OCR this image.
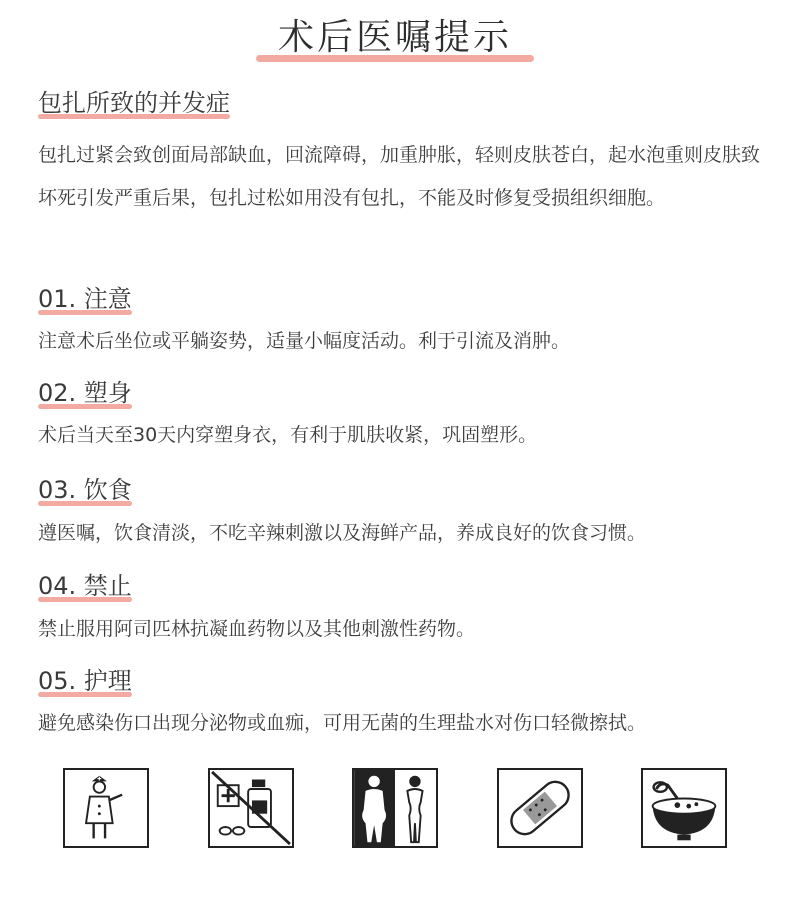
术后医嘱提示
包扎所致的并发症
包扎过紧会致创面局部缺血，回流障碍，加重肿胀，轻则皮肤苍白，起水泡重则皮肤致坏死引发严重后果，包扎过松如用没有包扎，不能及时修复受损组织细胞。
01. 注意
注意术后坐位或平躺姿势，适量小幅度活动。利于引流及消肿。
02. 塑身
术后当天至30天内穿塑身衣，有利于肌肤收紧，巩固塑形。
03. 饮食
遵医嘱，饮食清淡，不吃辛辣刺激以及海鲜产品，养成良好的饮食习惯。
04. 禁止
禁止服用阿司匹林抗凝血药物以及其他刺激性药物。
05. 护理
避免感染伤口出现分泌物或血痂，可用无菌的生理盐水对伤口轻微擦拭。
